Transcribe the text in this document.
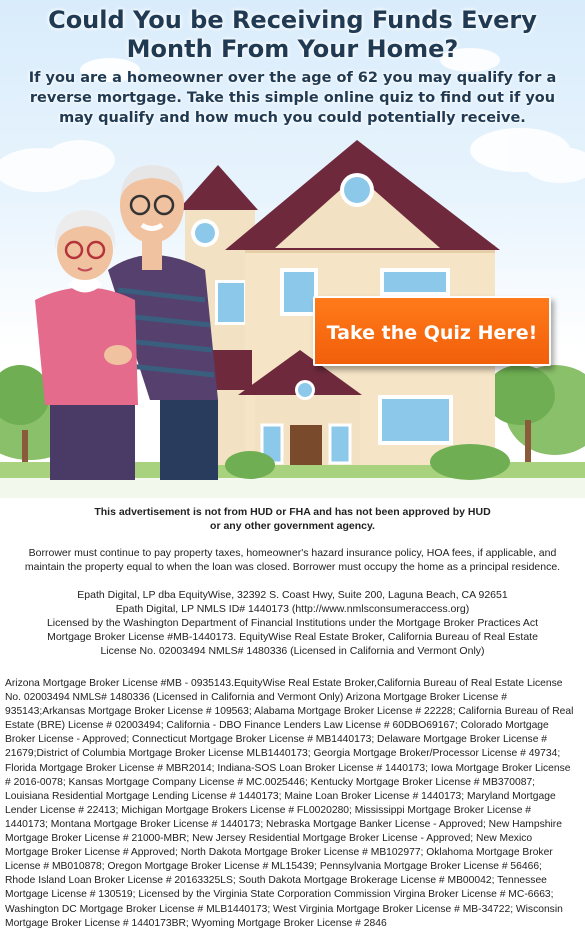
Could You be Receiving Funds Every
Month From Your Home?

If you are a homeowner over the age of 62 you may qualify for a reverse mortgage. Take this simple online quiz to find out if you may qualify and how much you could potentially receive.

Take the Quiz Here!

This advertisement is not from HUD or FHA and has not been approved by HUD
or any other government agency.

Borrower must continue to pay property taxes, homeowner's hazard insurance policy, HOA fees, if applicable, and maintain the property equal to when the loan was closed. Borrower must occupy the home as a principal residence.

Epath Digital, LP dba EquityWise, 32392 S. Coast Hwy, Suite 200, Laguna Beach, CA 92651
Epath Digital, LP NMLS ID# 1440173 (http://www.nmlsconsumeraccess.org)
Licensed by the Washington Department of Financial Institutions under the Mortgage Broker Practices Act
Mortgage Broker License #MB-1440173. EquityWise Real Estate Broker, California Bureau of Real Estate
License No. 02003494 NMLS# 1480336 (Licensed in California and Vermont Only)

Arizona Mortgage Broker License #MB - 0935143.EquityWise Real Estate Broker,California Bureau of Real Estate License No. 02003494 NMLS# 1480336 (Licensed in California and Vermont Only) Arizona Mortgage Broker License # 935143;Arkansas Mortgage Broker License # 109563; Alabama Mortgage Broker License # 22228; California Bureau of Real Estate (BRE) License # 02003494; California - DBO Finance Lenders Law License # 60DBO69167; Colorado Mortgage Broker License - Approved; Connecticut Mortgage Broker License # MB1440173; Delaware Mortgage Broker License # 21679;District of Columbia Mortgage Broker License MLB1440173; Georgia Mortgage Broker/Processor License # 49734; Florida Mortgage Broker License # MBR2014; Indiana-SOS Loan Broker License # 1440173; Iowa Mortgage Broker License # 2016-0078; Kansas Mortgage Company License # MC.0025446; Kentucky Mortgage Broker License # MB370087; Louisiana Residential Mortgage Lending License # 1440173; Maine Loan Broker License # 1440173; Maryland Mortgage Lender License # 22413; Michigan Mortgage Brokers License # FL0020280; Mississippi Mortgage Broker License # 1440173; Montana Mortgage Broker License # 1440173; Nebraska Mortgage Banker License - Approved; New Hampshire Mortgage Broker License # 21000-MBR; New Jersey Residential Mortgage Broker License - Approved; New Mexico Mortgage Broker License # Approved; North Dakota Mortgage Broker License # MB102977; Oklahoma Mortgage Broker License # MB010878; Oregon Mortgage Broker License # ML15439; Pennsylvania Mortgage Broker License # 56466; Rhode Island Loan Broker License # 20163325LS; South Dakota Mortgage Brokerage License # MB00042; Tennessee Mortgage License # 130519; Licensed by the Virginia State Corporation Commission Virgina Broker License # MC-6663; Washington DC Mortgage Broker License # MLB1440173; West Virginia Mortgage Broker License # MB-34722; Wisconsin Mortgage Broker License # 1440173BR; Wyoming Mortgage Broker License # 2846
